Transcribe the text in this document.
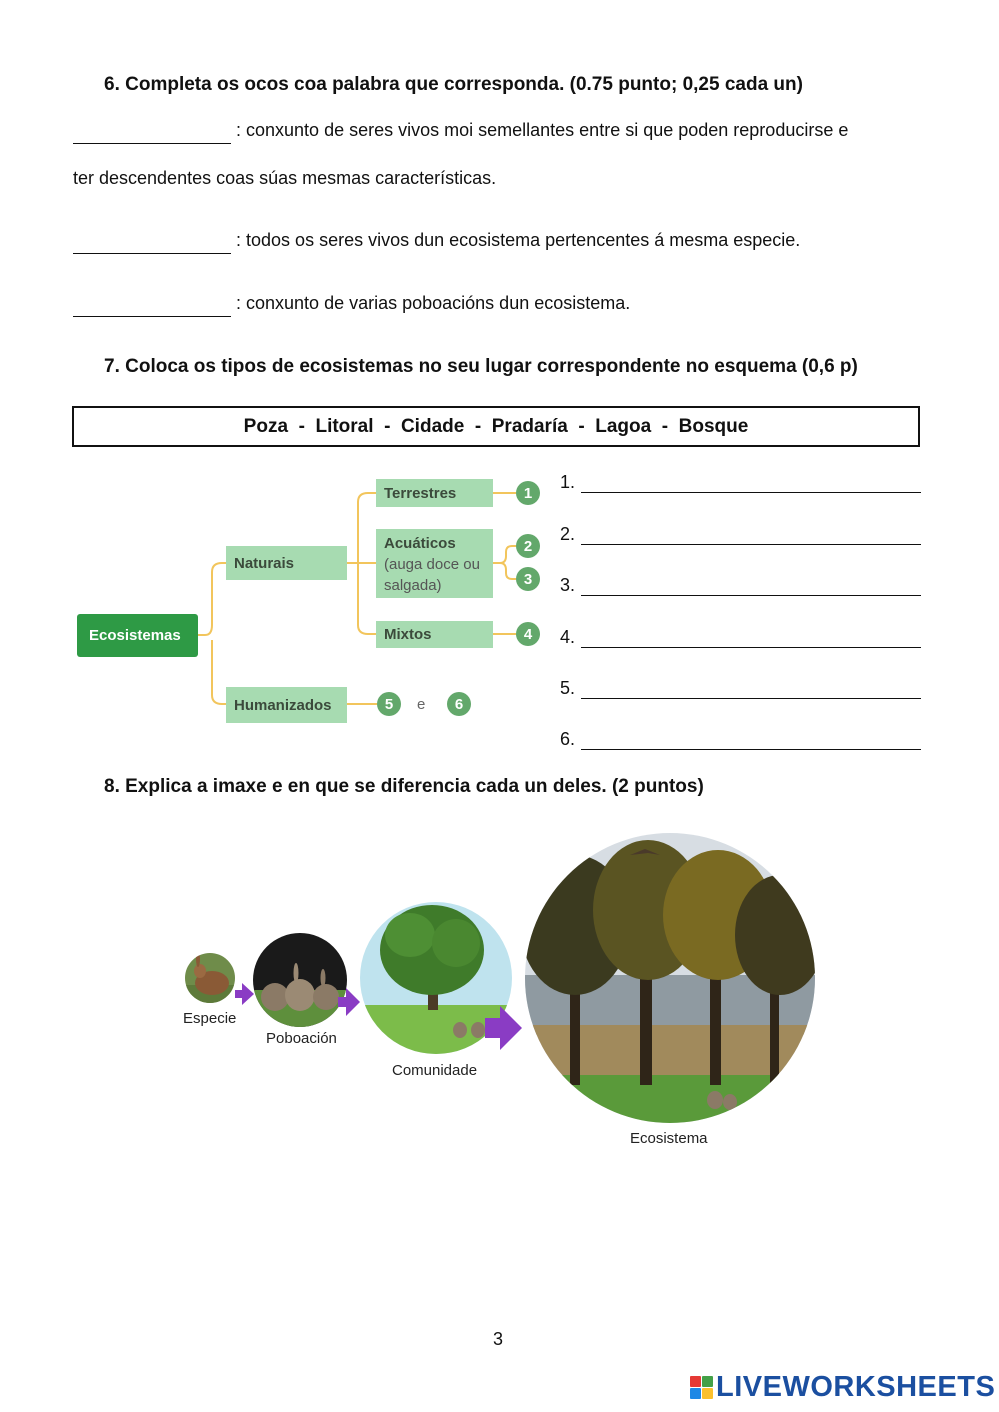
6. Completa os ocos coa palabra que corresponda. (0.75 punto; 0,25 cada un)
: conxunto de seres vivos moi semellantes entre si que poden reproducirse e
ter descendentes coas súas mesmas características.
: todos os seres vivos dun ecosistema pertencentes á mesma especie.
: conxunto de varias poboacións dun ecosistema.
7. Coloca os tipos de ecosistemas no seu lugar correspondente no esquema (0,6 p)
Poza  -  Litoral  -  Cidade  -  Pradaría  -  Lagoa  -  Bosque
Ecosistemas
Naturais
Humanizados
Terrestres
Acuáticos
(auga doce ou
salgada)
Mixtos
1
2
3
4
5	e	6
1.
2.
3.
4.
5.
6.
8. Explica a imaxe e en que se diferencia cada un deles. (2 puntos)
Especie
Poboación
Comunidade
Ecosistema
3
LIVEWORKSHEETS
